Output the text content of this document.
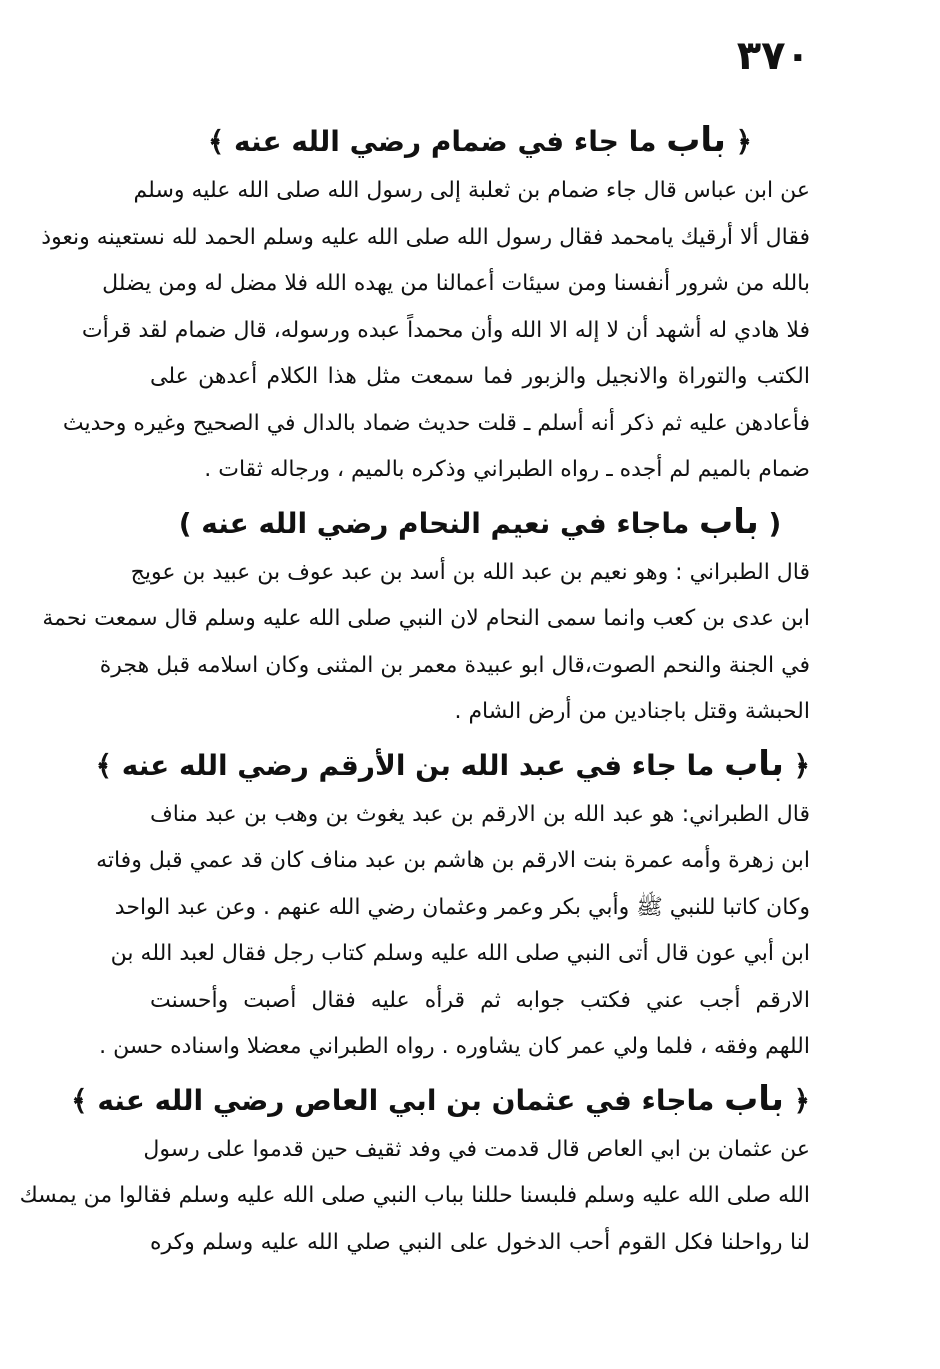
٣٧٠
﴿ باب ما جاء في ضمام رضي الله عنه ﴾
عن ابن عباس قال جاء ضمام بن ثعلبة إلى رسول الله صلى الله عليه وسلم
فقال ألا أرقيك يامحمد فقال رسول الله صلى الله عليه وسلم الحمد لله نستعينه ونعوذ
بالله من شرور أنفسنا ومن سيئات أعمالنا من يهده الله فلا مضل له ومن يضلل
فلا هادي له أشهد أن لا إله الا الله وأن محمداً عبده ورسوله، قال ضمام لقد قرأت
الكتب والتوراة والانجيل والزبور فما سمعت مثل هذا الكلام أعدهن على
فأعادهن عليه ثم ذكر أنه أسلم ـ قلت حديث ضماد بالدال في الصحيح وغيره وحديث
ضمام بالميم لم أجده ـ رواه الطبراني وذكره بالميم ، ورجاله ثقات .
( باب ماجاء في نعيم النحام رضي الله عنه )
قال الطبراني : وهو نعيم بن عبد الله بن أسد بن عبد عوف بن عبيد بن عويج
ابن عدى بن كعب وانما سمى النحام لان النبي صلى الله عليه وسلم قال سمعت نحمة
في الجنة والنحم الصوت،قال ابو عبيدة معمر بن المثنى وكان اسلامه قبل هجرة
الحبشة وقتل باجنادين من أرض الشام .
﴿ باب ما جاء في عبد الله بن الأرقم رضي الله عنه ﴾
قال الطبراني: هو عبد الله بن الارقم بن عبد يغوث بن وهب بن عبد مناف
ابن زهرة وأمه عمرة بنت الارقم بن هاشم بن عبد مناف كان قد عمي قبل وفاته
وكان كاتبا للنبي ﷺ وأبي بكر وعمر وعثمان رضي الله عنهم . وعن عبد الواحد
ابن أبي عون قال أتى النبي صلى الله عليه وسلم كتاب رجل فقال لعبد الله بن
الارقم أجب عني فكتب جوابه ثم قرأه عليه فقال أصبت وأحسنت
اللهم وفقه ، فلما ولي عمر كان يشاوره . رواه الطبراني معضلا واسناده حسن .
﴿ باب ماجاء في عثمان بن ابي العاص رضي الله عنه ﴾
عن عثمان بن ابي العاص قال قدمت في وفد ثقيف حين قدموا على رسول
الله صلى الله عليه وسلم فلبسنا حللنا بباب النبي صلى الله عليه وسلم فقالوا من يمسك
لنا رواحلنا فكل القوم أحب الدخول على النبي صلي الله عليه وسلم وكره
